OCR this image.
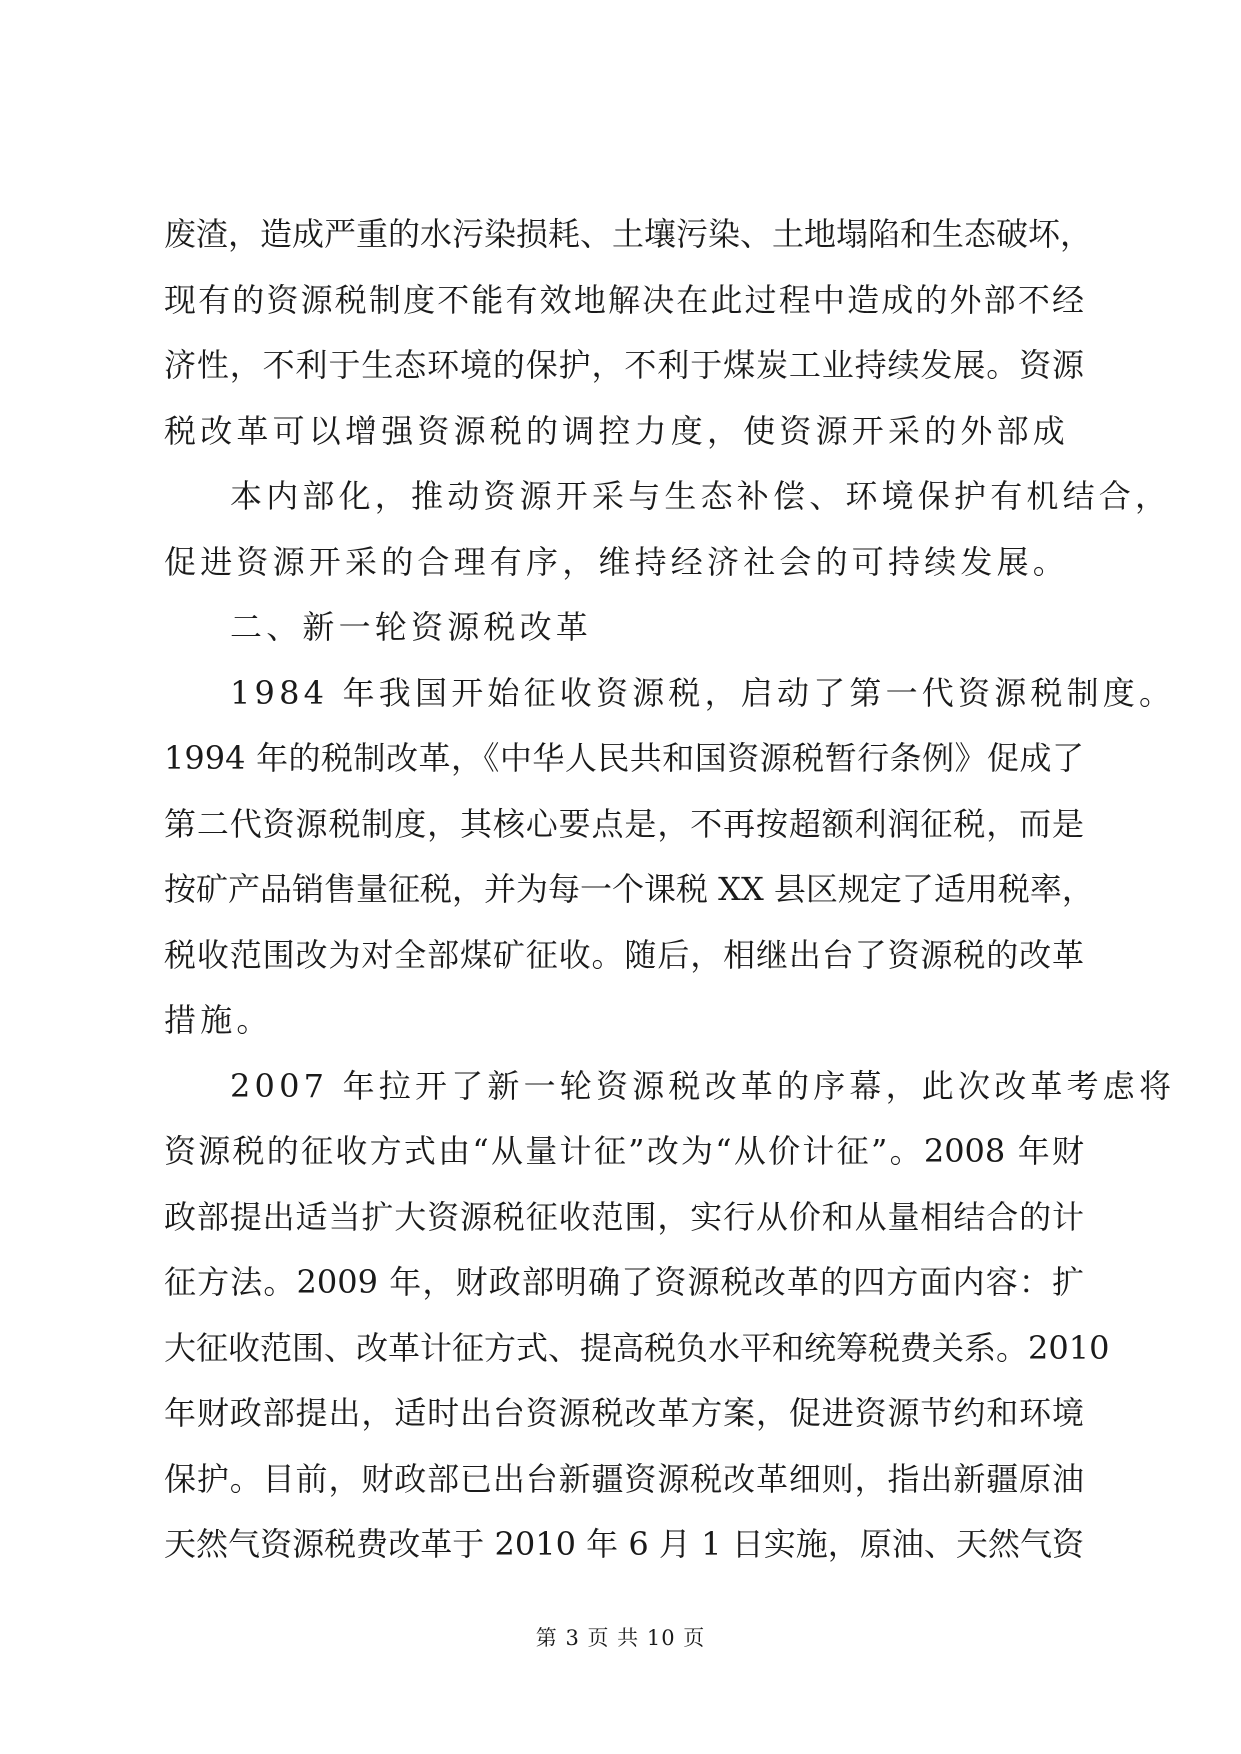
废渣，造成严重的水污染损耗、土壤污染、土地塌陷和生态破坏，
现有的资源税制度不能有效地解决在此过程中造成的外部不经
济性，不利于生态环境的保护，不利于煤炭工业持续发展。资源
税改革可以增强资源税的调控力度，使资源开采的外部成
本内部化，推动资源开采与生态补偿、环境保护有机结合，
促进资源开采的合理有序，维持经济社会的可持续发展。
二、新一轮资源税改革
1984 年我国开始征收资源税，启动了第一代资源税制度。
1994 年的税制改革，《中华人民共和国资源税暂行条例》促成了
第二代资源税制度，其核心要点是，不再按超额利润征税，而是
按矿产品销售量征税，并为每一个课税 XX 县区规定了适用税率，
税收范围改为对全部煤矿征收。随后，相继出台了资源税的改革
措施。
2007 年拉开了新一轮资源税改革的序幕，此次改革考虑将
资源税的征收方式由“从量计征”改为“从价计征”。2008 年财
政部提出适当扩大资源税征收范围，实行从价和从量相结合的计
征方法。2009 年，财政部明确了资源税改革的四方面内容：扩
大征收范围、改革计征方式、提高税负水平和统筹税费关系。2010
年财政部提出，适时出台资源税改革方案，促进资源节约和环境
保护。目前，财政部已出台新疆资源税改革细则，指出新疆原油
天然气资源税费改革于 2010 年 6 月 1 日实施，原油、天然气资
第 3 页 共 10 页
